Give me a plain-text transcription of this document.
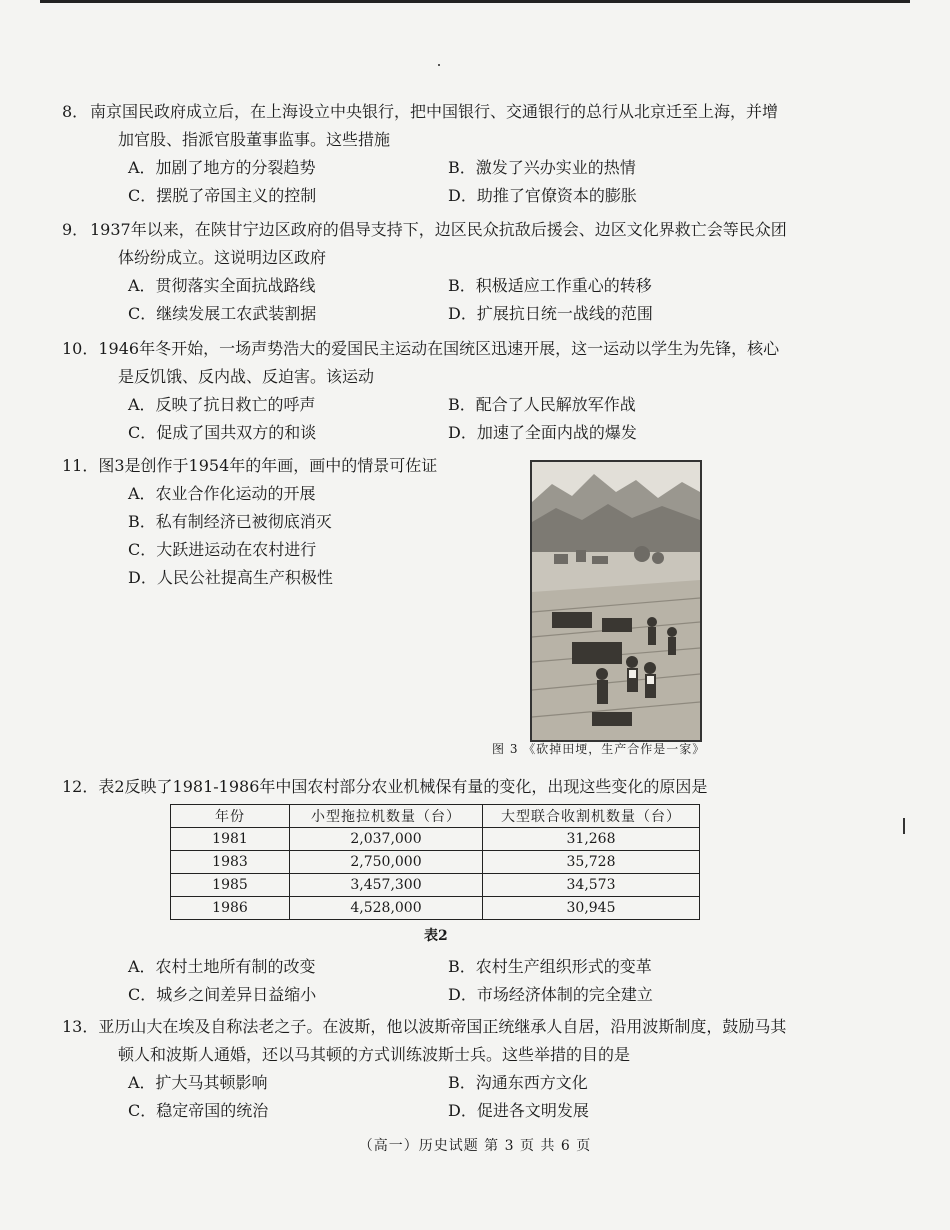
8． 南京国民政府成立后，在上海设立中央银行，把中国银行、交通银行的总行从北京迁至上海，并增加官股、指派官股董事监事。这些措施
A．加剧了地方的分裂趋势	B．激发了兴办实业的热情
C．摆脱了帝国主义的控制	D．助推了官僚资本的膨胀
9． 1937年以来，在陕甘宁边区政府的倡导支持下，边区民众抗敌后援会、边区文化界救亡会等民众团体纷纷成立。这说明边区政府
A．贯彻落实全面抗战路线	B．积极适应工作重心的转移
C．继续发展工农武装割据	D．扩展抗日统一战线的范围
10．1946年冬开始，一场声势浩大的爱国民主运动在国统区迅速开展，这一运动以学生为先锋，核心是反饥饿、反内战、反迫害。该运动
A．反映了抗日救亡的呼声	B．配合了人民解放军作战
C．促成了国共双方的和谈	D．加速了全面内战的爆发
11．图3是创作于1954年的年画，画中的情景可佐证
A．农业合作化运动的开展
B．私有制经济已被彻底消灭
C．大跃进运动在农村进行
D．人民公社提高生产积极性
图 3 《砍掉田埂，生产合作是一家》
12．表2反映了1981-1986年中国农村部分农业机械保有量的变化，出现这些变化的原因是
年份	小型拖拉机数量（台）	大型联合收割机数量（台）
1981	2,037,000	31,268
1983	2,750,000	35,728
1985	3,457,300	34,573
1986	4,528,000	30,945
表2
A．农村土地所有制的改变	B．农村生产组织形式的变革
C．城乡之间差异日益缩小	D．市场经济体制的完全建立
13．亚历山大在埃及自称法老之子。在波斯，他以波斯帝国正统继承人自居，沿用波斯制度，鼓励马其顿人和波斯人通婚，还以马其顿的方式训练波斯士兵。这些举措的目的是
A．扩大马其顿影响	B．沟通东西方文化
C．稳定帝国的统治	D．促进各文明发展
（高一）历史试题 第 3 页 共 6 页
